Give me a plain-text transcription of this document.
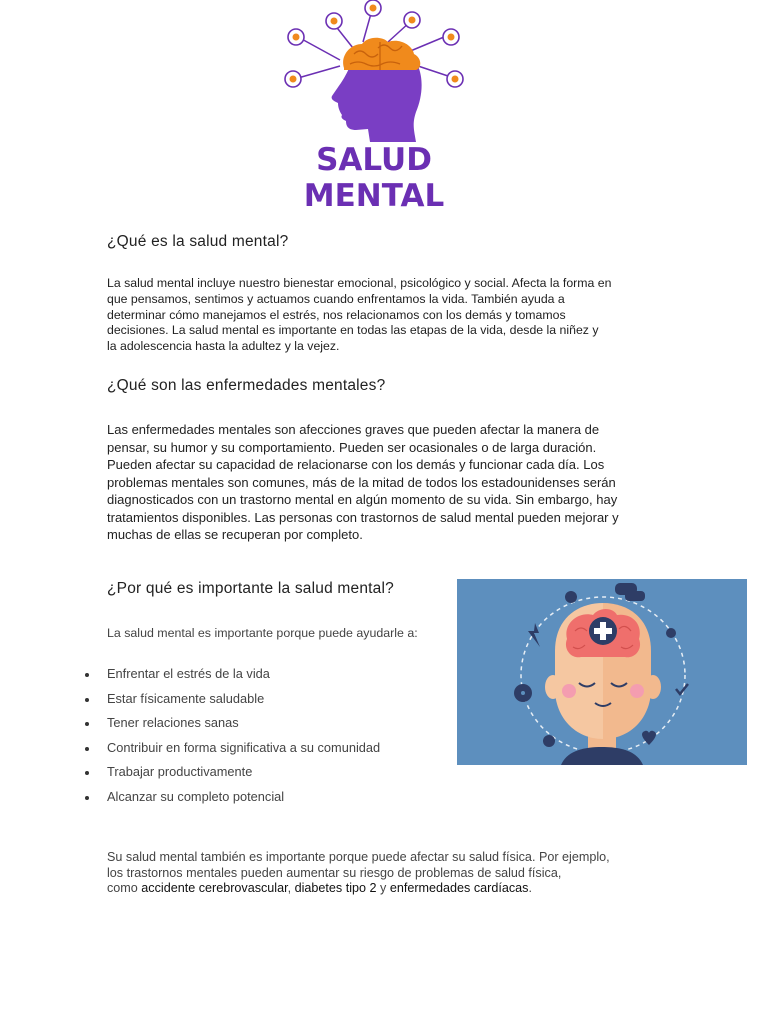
SALUD MENTAL
¿Qué es la salud mental?
La salud mental incluye nuestro bienestar emocional, psicológico y social. Afecta la forma en
que pensamos, sentimos y actuamos cuando enfrentamos la vida. También ayuda a
determinar cómo manejamos el estrés, nos relacionamos con los demás y tomamos
decisiones. La salud mental es importante en todas las etapas de la vida, desde la niñez y
la adolescencia hasta la adultez y la vejez.
¿Qué son las enfermedades mentales?
Las enfermedades mentales son afecciones graves que pueden afectar la manera de
pensar, su humor y su comportamiento. Pueden ser ocasionales o de larga duración.
Pueden afectar su capacidad de relacionarse con los demás y funcionar cada día. Los
problemas mentales son comunes, más de la mitad de todos los estadounidenses serán
diagnosticados con un trastorno mental en algún momento de su vida. Sin embargo, hay
tratamientos disponibles. Las personas con trastornos de salud mental pueden mejorar y
muchas de ellas se recuperan por completo.
¿Por qué es importante la salud mental?
La salud mental es importante porque puede ayudarle a:
Enfrentar el estrés de la vida
Estar físicamente saludable
Tener relaciones sanas
Contribuir en forma significativa a su comunidad
Trabajar productivamente
Alcanzar su completo potencial
Su salud mental también es importante porque puede afectar su salud física. Por ejemplo,
los trastornos mentales pueden aumentar su riesgo de problemas de salud física,
como accidente cerebrovascular, diabetes tipo 2 y enfermedades cardíacas.
